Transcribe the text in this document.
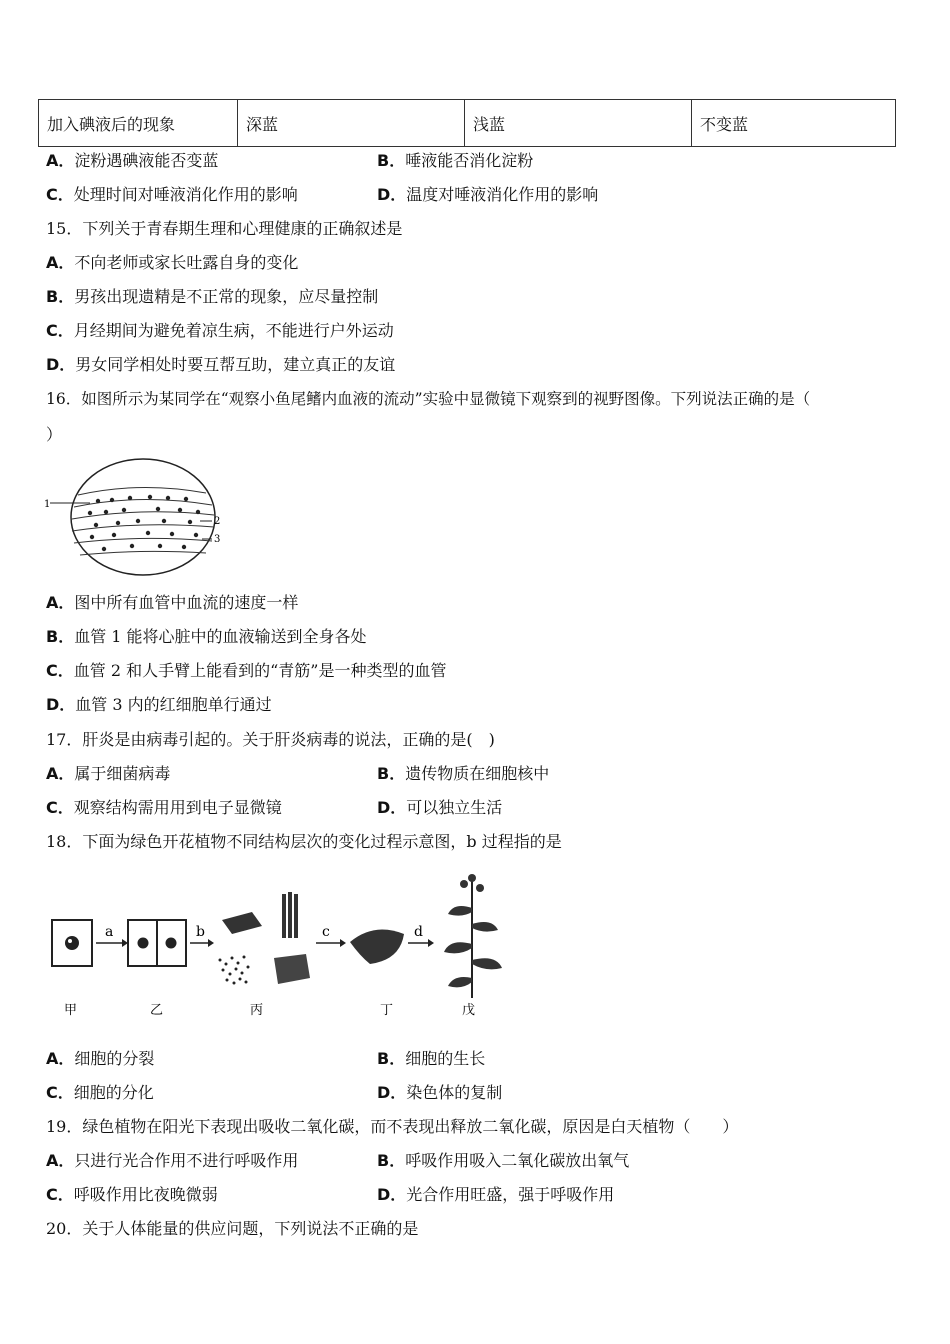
加入碘液后的现象	深蓝	浅蓝	不变蓝
A．淀粉遇碘液能否变蓝	B．唾液能否消化淀粉
C．处理时间对唾液消化作用的影响	D．温度对唾液消化作用的影响
15．下列关于青春期生理和心理健康的正确叙述是
A．不向老师或家长吐露自身的变化
B．男孩出现遗精是不正常的现象，应尽量控制
C．月经期间为避免着凉生病，不能进行户外运动
D．男女同学相处时要互帮互助，建立真正的友谊
16．如图所示为某同学在“观察小鱼尾鳍内血液的流动”实验中显微镜下观察到的视野图像。下列说法正确的是（
）
1
2
3
A．图中所有血管中血流的速度一样
B．血管 1 能将心脏中的血液输送到全身各处
C．血管 2 和人手臂上能看到的“青筋”是一种类型的血管
D．血管 3 内的红细胞单行通过
17．肝炎是由病毒引起的。关于肝炎病毒的说法，正确的是(　)
A．属于细菌病毒	B．遗传物质在细胞核中
C．观察结构需用用到电子显微镜	D．可以独立生活
18．下面为绿色开花植物不同结构层次的变化过程示意图，b 过程指的是
a	b	c	d
甲	乙	丙	丁	戊
A．细胞的分裂	B．细胞的生长
C．细胞的分化	D．染色体的复制
19．绿色植物在阳光下表现出吸收二氧化碳，而不表现出释放二氧化碳，原因是白天植物（　　）
A．只进行光合作用不进行呼吸作用	B．呼吸作用吸入二氧化碳放出氧气
C．呼吸作用比夜晚微弱	D．光合作用旺盛，强于呼吸作用
20．关于人体能量的供应问题，下列说法不正确的是
